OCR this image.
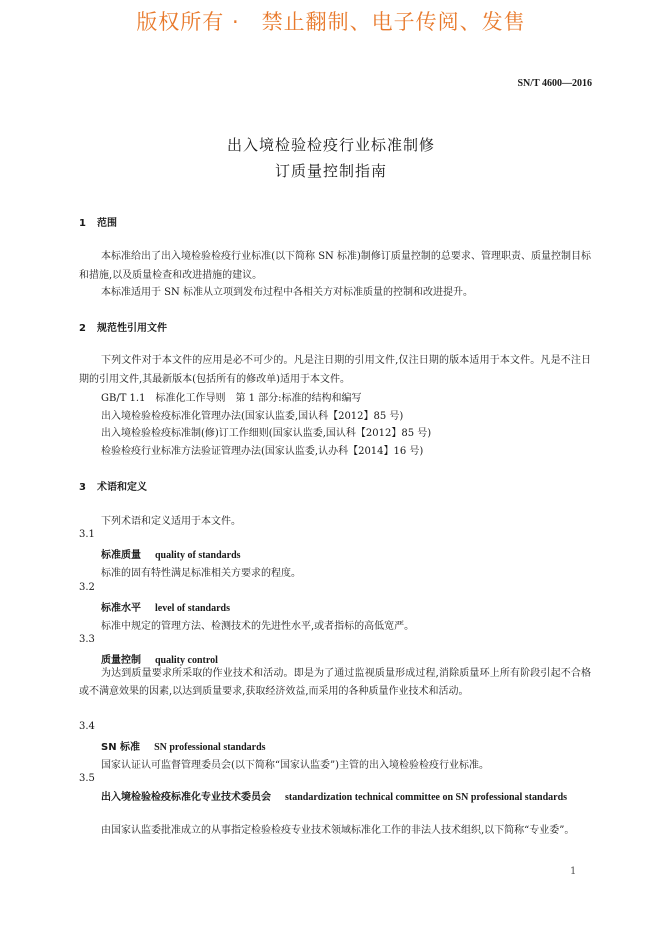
版权所有 ·　禁止翻制、电子传阅、发售
SN/T 4600—2016
出入境检验检疫行业标准制修
订质量控制指南
1 范围

本标准给出了出入境检验检疫行业标准(以下简称 SN 标准)制修订质量控制的总要求、管理职责、质量控制目标和措施,以及质量检查和改进措施的建议。

本标准适用于 SN 标准从立项到发布过程中各相关方对标准质量的控制和改进提升。

2 规范性引用文件

下列文件对于本文件的应用是必不可少的。凡是注日期的引用文件,仅注日期的版本适用于本文件。凡是不注日期的引用文件,其最新版本(包括所有的修改单)适用于本文件。

GB/T 1.1　标准化工作导则　第 1 部分:标准的结构和编写
出入境检验检疫标准化管理办法(国家认监委,国认科【2012】85 号)
出入境检验检疫标准制(修)订工作细则(国家认监委,国认科【2012】85 号)
检验检疫行业标准方法验证管理办法(国家认监委,认办科【2014】16 号)
3 术语和定义
下列术语和定义适用于本文件。
3.1
标准质量 quality of standards
标准的固有特性满足标准相关方要求的程度。
3.2
标准水平 level of standards
标准中规定的管理方法、检测技术的先进性水平,或者指标的高低宽严。
3.3
质量控制 quality control

为达到质量要求所采取的作业技术和活动。即是为了通过监视质量形成过程,消除质量环上所有阶段引起不合格或不满意效果的因素,以达到质量要求,获取经济效益,而采用的各种质量作业技术和活动。

3.4
SN 标准 SN professional standards
国家认证认可监督管理委员会(以下简称“国家认监委”)主管的出入境检验检疫行业标准。
3.5
出入境检验检疫标准化专业技术委员会 standardization technical committee on SN professional standards

由国家认监委批准成立的从事指定检验检疫专业技术领域标准化工作的非法人技术组织,以下简称“专业委”。

1
